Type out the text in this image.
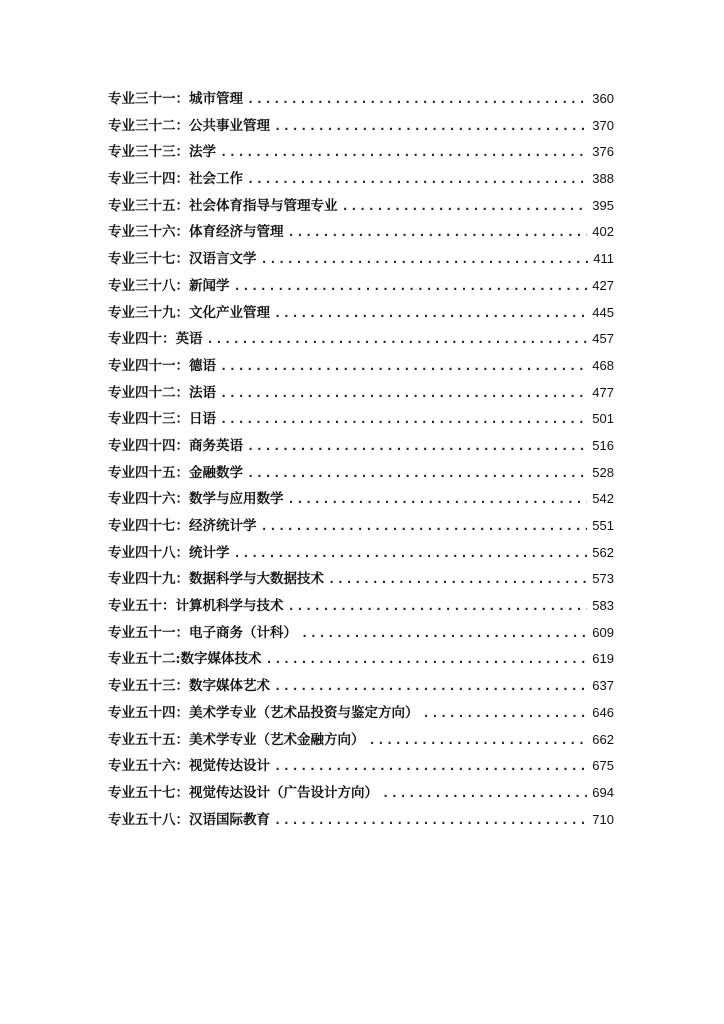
专业三十一：城市管理 .....	360
专业三十二：公共事业管理 .....	370
专业三十三：法学 .....	376
专业三十四：社会工作 .....	388
专业三十五：社会体育指导与管理专业 .....	395
专业三十六：体育经济与管理 .....	402
专业三十七：汉语言文学 .....	411
专业三十八：新闻学 .....	427
专业三十九：文化产业管理 .....	445
专业四十：英语 .....	457
专业四十一：德语 .....	468
专业四十二：法语 .....	477
专业四十三：日语 .....	501
专业四十四：商务英语 .....	516
专业四十五：金融数学 .....	528
专业四十六：数学与应用数学 .....	542
专业四十七：经济统计学 .....	551
专业四十八：统计学 .....	562
专业四十九：数据科学与大数据技术 .....	573
专业五十：计算机科学与技术 .....	583
专业五十一：电子商务（计科） .....	609
专业五十二:数字媒体技术 .....	619
专业五十三：数字媒体艺术 .....	637
专业五十四：美术学专业（艺术品投资与鉴定方向） .....	646
专业五十五：美术学专业（艺术金融方向） .....	662
专业五十六：视觉传达设计 .....	675
专业五十七：视觉传达设计（广告设计方向） .....	694
专业五十八：汉语国际教育 .....	710
